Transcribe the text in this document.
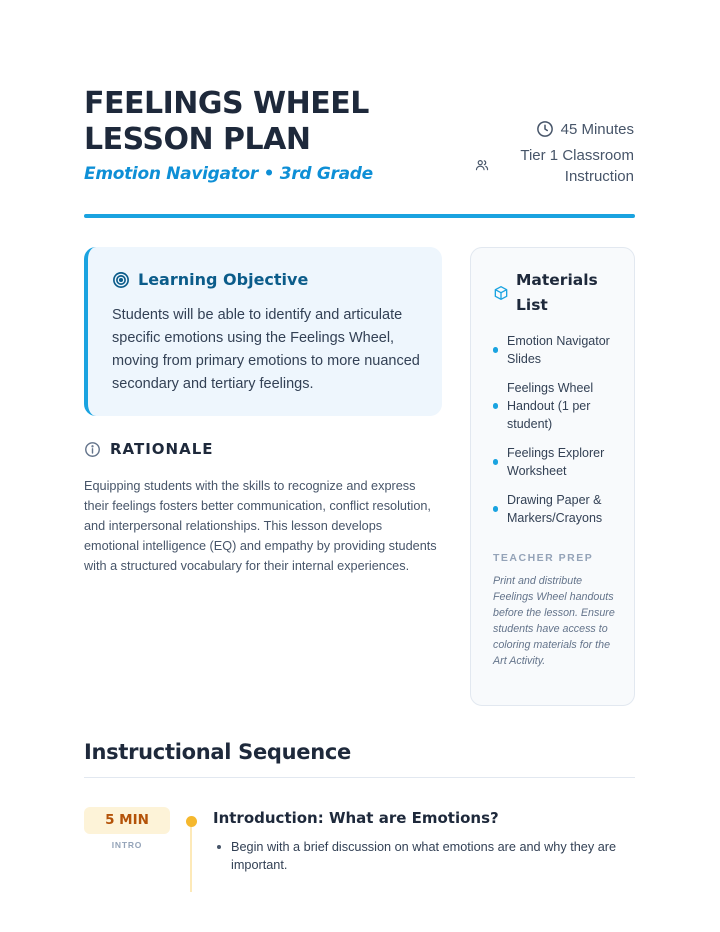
FEELINGS WHEEL
LESSON PLAN
Emotion Navigator • 3rd Grade
45 Minutes
Tier 1 Classroom Instruction
Learning Objective

Students will be able to identify and articulate specific emotions using the Feelings Wheel, moving from primary emotions to more nuanced secondary and tertiary feelings.

RATIONALE

Equipping students with the skills to recognize and express their feelings fosters better communication, conflict resolution, and interpersonal relationships. This lesson develops emotional intelligence (EQ) and empathy by providing students with a structured vocabulary for their internal experiences.

Materials List
Emotion Navigator Slides
Feelings Wheel Handout (1 per student)
Feelings Explorer Worksheet
Drawing Paper & Markers/Crayons
TEACHER PREP

Print and distribute Feelings Wheel handouts before the lesson. Ensure students have access to coloring materials for the Art Activity.

Instructional Sequence
5 MIN
INTRO
Introduction: What are Emotions?
Begin with a brief discussion on what emotions are and why they are important.
